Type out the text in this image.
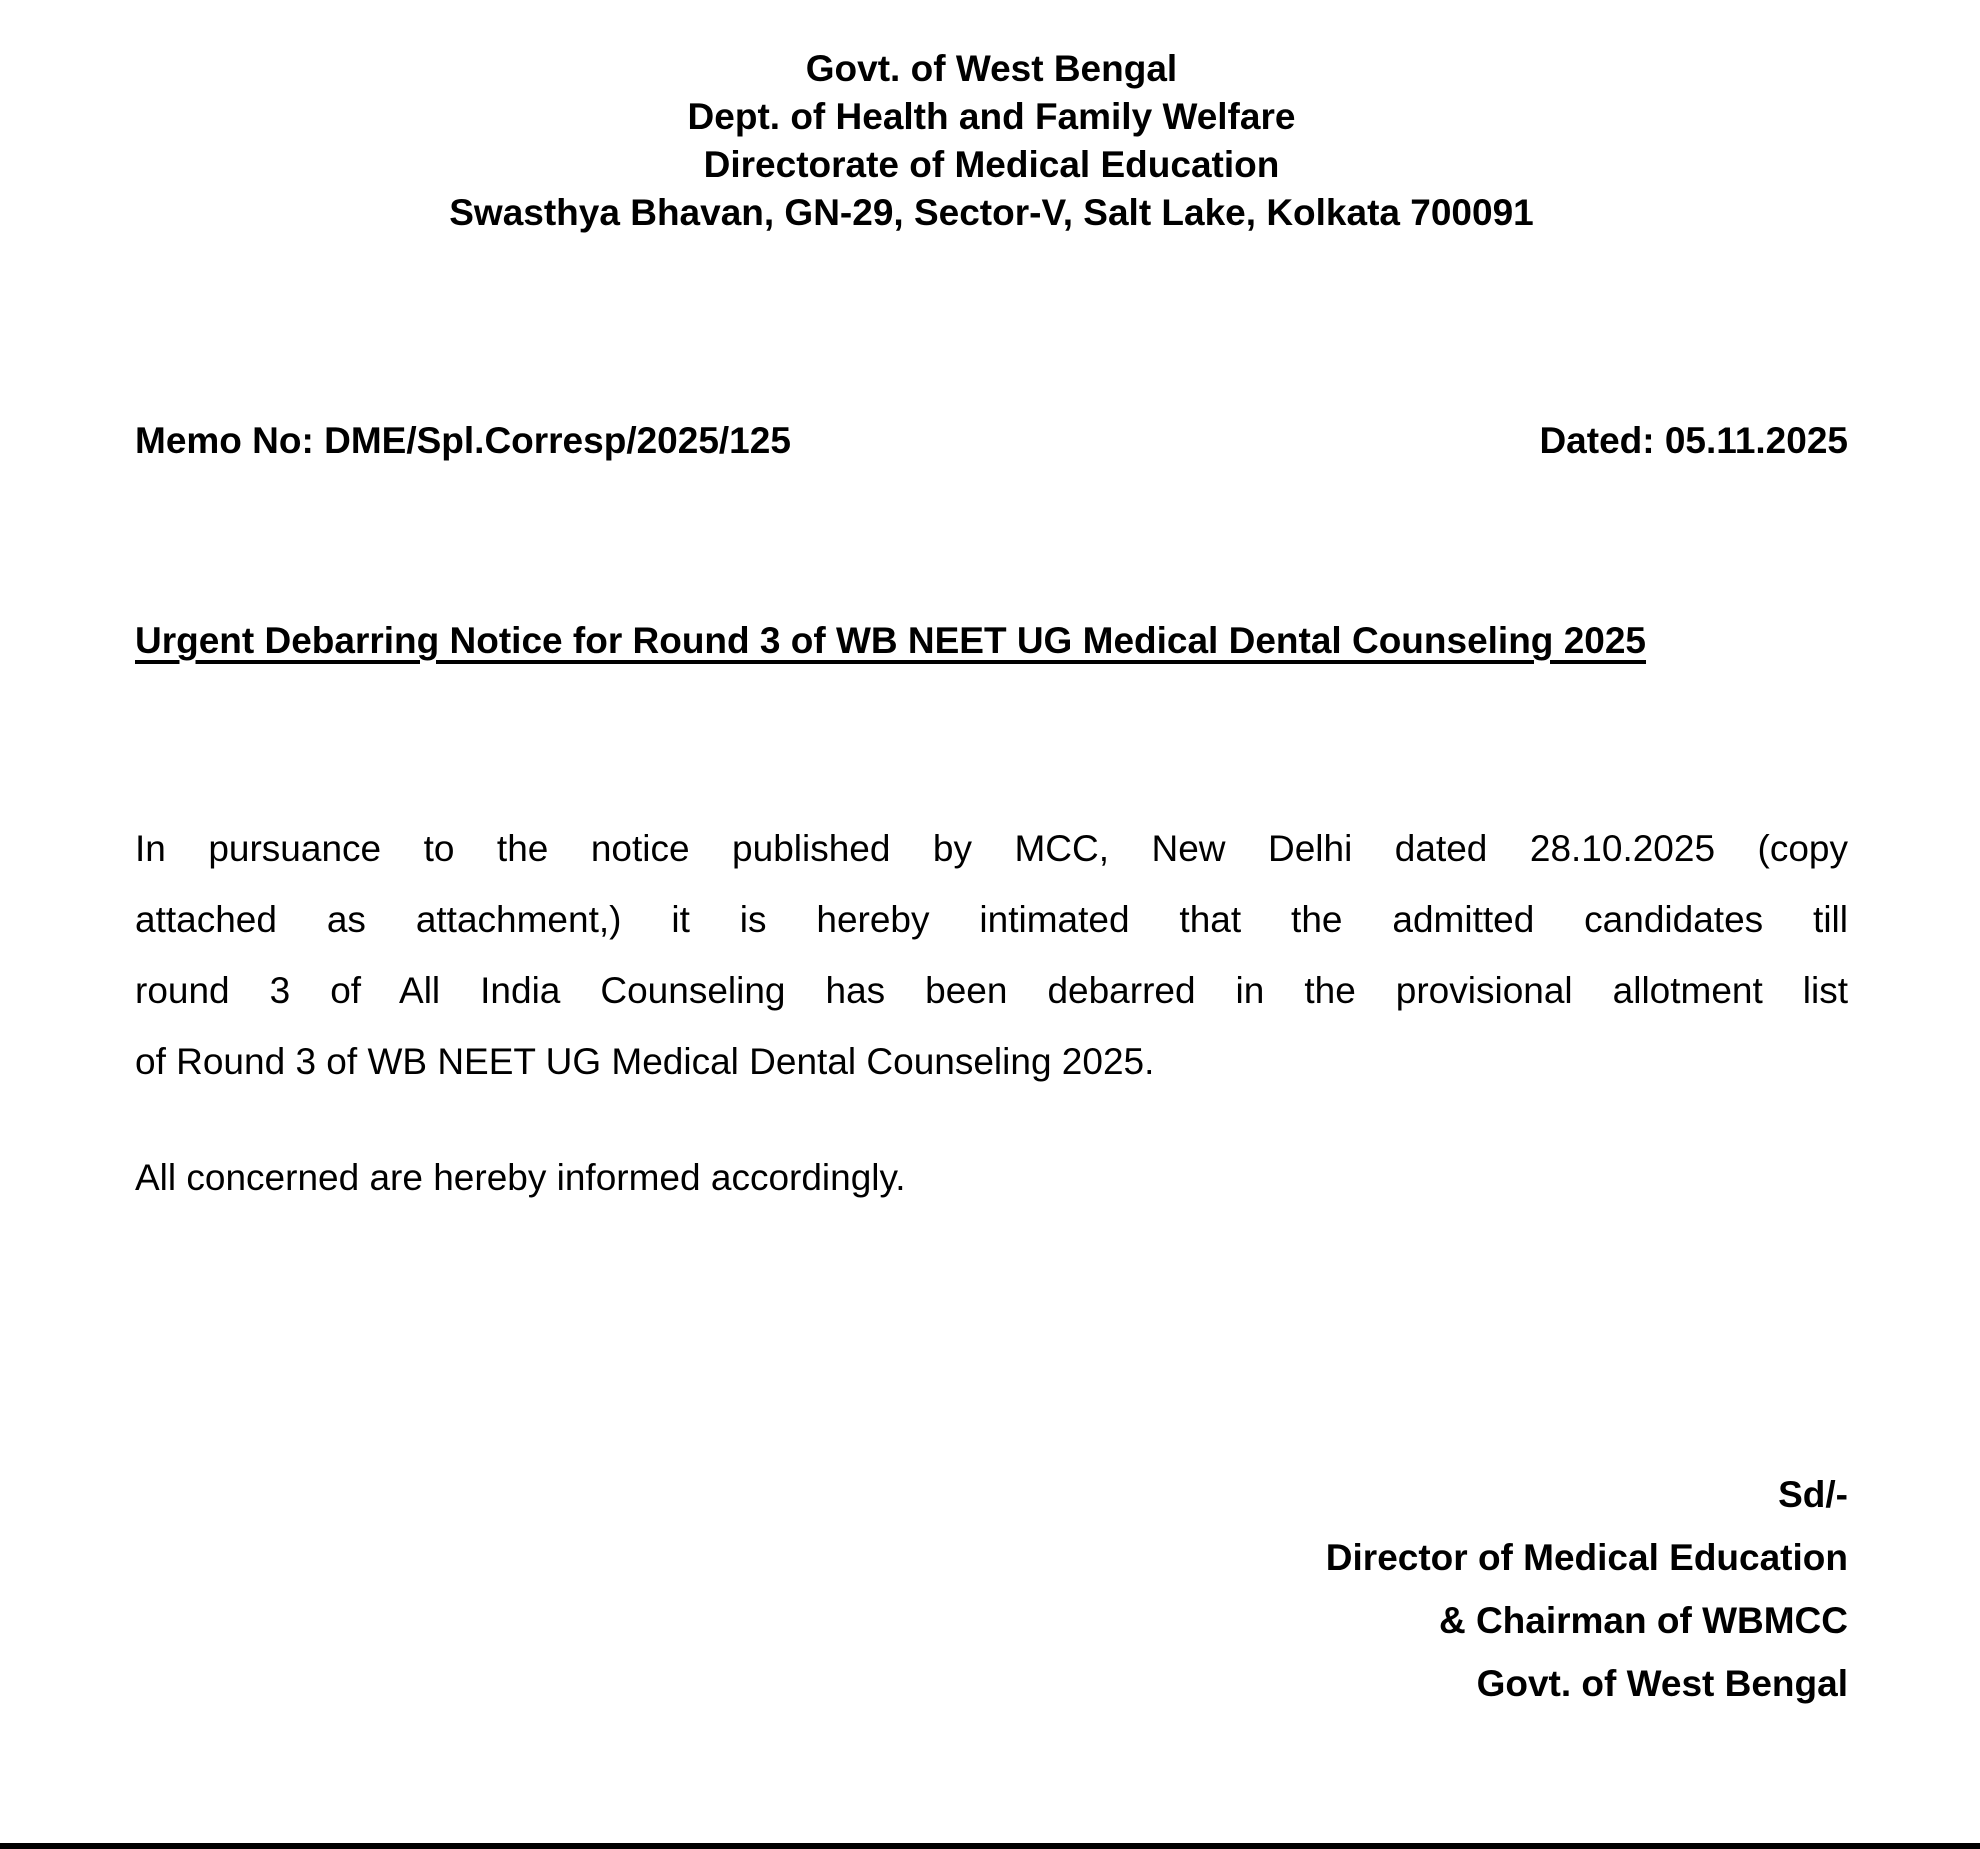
Govt. of West Bengal
Dept. of Health and Family Welfare
Directorate of Medical Education
Swasthya Bhavan, GN-29, Sector-V, Salt Lake, Kolkata 700091
Memo No: DME/Spl.Corresp/2025/125	Dated: 05.11.2025
Urgent Debarring Notice for Round 3 of WB NEET UG Medical Dental Counseling 2025
In pursuance to the notice published by MCC, New Delhi dated 28.10.2025 (copy
attached as attachment,) it is hereby intimated that the admitted candidates till
round 3 of All India Counseling has been debarred in the provisional allotment list
of Round 3 of WB NEET UG Medical Dental Counseling 2025.
All concerned are hereby informed accordingly.
Sd/-
Director of Medical Education
& Chairman of WBMCC
Govt. of West Bengal
